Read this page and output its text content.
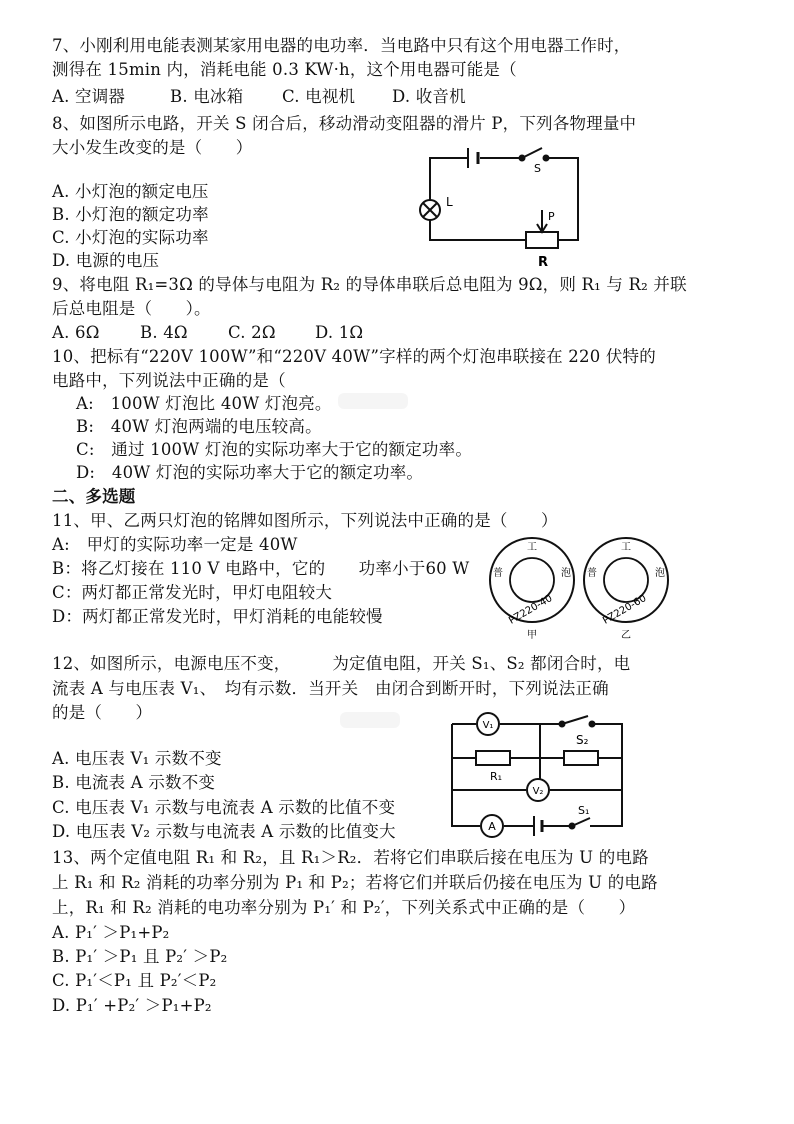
7、小刚利用电能表测某家用电器的电功率．当电路中只有这个用电器工作时，
测得在 15min 内，消耗电能 0.3 KW·h，这个用电器可能是（
A. 空调器	B. 电冰箱 C. 电视机 D. 收音机
8、如图所示电路，开关 S 闭合后，移动滑动变阻器的滑片 P，下列各物理量中
大小发生改变的是（　　）
A. 小灯泡的额定电压
B. 小灯泡的额定功率
C. 小灯泡的实际功率
D. 电源的电压
S
L
P
R
9、将电阻 R₁=3Ω 的导体与电阻为 R₂ 的导体串联后总电阻为 9Ω，则 R₁ 与 R₂ 并联
后总电阻是（　　）。
A. 6Ω B. 4Ω C. 2Ω D. 1Ω
10、把标有“220V 100W”和“220V 40W”字样的两个灯泡串联接在 220 伏特的
电路中，下列说法中正确的是（
A:　100W 灯泡比 40W 灯泡亮。
B:　40W 灯泡两端的电压较高。
C:　通过 100W 灯泡的实际功率大于它的额定功率。
D:　40W 灯泡的实际功率大于它的额定功率。
二、多选题
11、甲、乙两只灯泡的铭牌如图所示，下列说法中正确的是（　　）
A:　甲灯的实际功率一定是 40W
B：将乙灯接在 110 V 电路中，它的　　功率小于60 W
C：两灯都正常发光时，甲灯电阻较大
D：两灯都正常发光时，甲灯消耗的电能较慢
工
普	泡
PZ220-40
甲
工
普	泡
PZ220-60
乙
12、如图所示，电源电压不变，　　　为定值电阻，开关 S₁、S₂ 都闭合时，电
流表 A 与电压表 V₁、　均有示数．当开关　由闭合到断开时，下列说法正确
的是（　　）
A. 电压表 V₁ 示数不变
B. 电流表 A 示数不变
C. 电压表 V₁ 示数与电流表 A 示数的比值不变
D. 电压表 V₂ 示数与电流表 A 示数的比值变大
V₁
V₂
A
R₁
S₁
S₂
13、两个定值电阻 R₁ 和 R₂，且 R₁＞R₂．若将它们串联后接在电压为 U 的电路
上 R₁ 和 R₂ 消耗的功率分别为 P₁ 和 P₂；若将它们并联后仍接在电压为 U 的电路
上，R₁ 和 R₂ 消耗的电功率分别为 P₁′ 和 P₂′，下列关系式中正确的是（　　）
A. P₁′ ＞P₁+P₂
B. P₁′ ＞P₁ 且 P₂′ ＞P₂
C. P₁′＜P₁ 且 P₂′＜P₂
D. P₁′ +P₂′ ＞P₁+P₂
